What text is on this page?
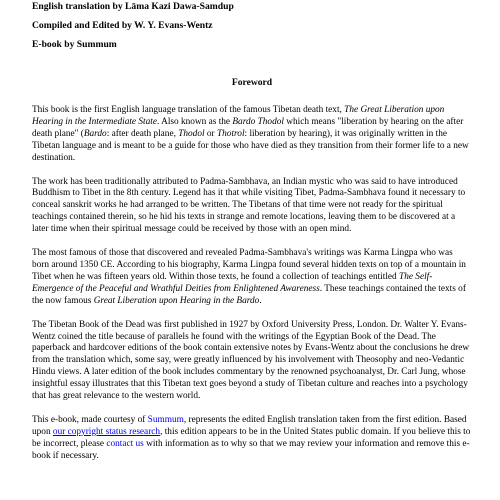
English translation by Lāma Kazi Dawa-Samdup
Compiled and Edited by W. Y. Evans-Wentz
E-book by Summum
Foreword

This book is the first English language translation of the famous Tibetan death text, The Great Liberation upon Hearing in the Intermediate State. Also known as the Bardo Thodol which means "liberation by hearing on the after death plane" (Bardo: after death plane, Thodol or Thotrol: liberation by hearing), it was originally written in the Tibetan language and is meant to be a guide for those who have died as they transition from their former life to a new destination.

The work has been traditionally attributed to Padma-Sambhava, an Indian mystic who was said to have introduced Buddhism to Tibet in the 8th century. Legend has it that while visiting Tibet, Padma-Sambhava found it necessary to conceal sanskrit works he had arranged to be written. The Tibetans of that time were not ready for the spiritual teachings contained therein, so he hid his texts in strange and remote locations, leaving them to be discovered at a later time when their spiritual message could be received by those with an open mind.

The most famous of those that discovered and revealed Padma-Sambhava's writings was Karma Lingpa who was born around 1350 CE. According to his biography, Karma Lingpa found several hidden texts on top of a mountain in Tibet when he was fifteen years old. Within those texts, he found a collection of teachings entitled The Self-Emergence of the Peaceful and Wrathful Deities from Enlightened Awareness. These teachings contained the texts of the now famous Great Liberation upon Hearing in the Bardo.

The Tibetan Book of the Dead was first published in 1927 by Oxford University Press, London. Dr. Walter Y. Evans-Wentz coined the title because of parallels he found with the writings of the Egyptian Book of the Dead. The paperback and hardcover editions of the book contain extensive notes by Evans-Wentz about the conclusions he drew from the translation which, some say, were greatly influenced by his involvement with Theosophy and neo-Vedantic Hindu views. A later edition of the book includes commentary by the renowned psychoanalyst, Dr. Carl Jung, whose insightful essay illustrates that this Tibetan text goes beyond a study of Tibetan culture and reaches into a psychology that has great relevance to the western world.

This e-book, made courtesy of Summum, represents the edited English translation taken from the first edition. Based upon our copyright status research, this edition appears to be in the United States public domain. If you believe this to be incorrect, please contact us with information as to why so that we may review your information and remove this e-book if necessary.
